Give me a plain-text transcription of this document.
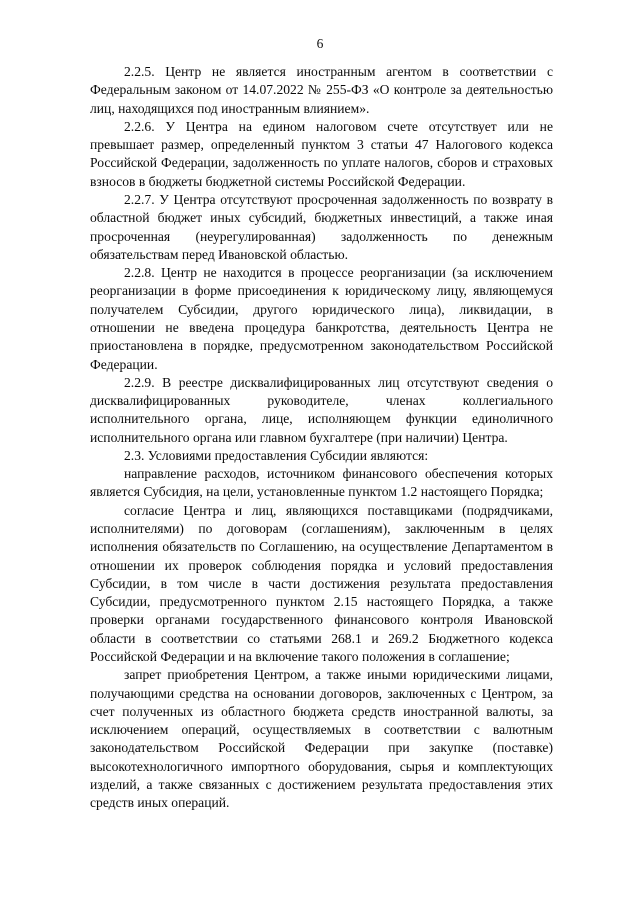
6

2.2.5. Центр не является иностранным агентом в соответствии с Федеральным законом от 14.07.2022 № 255-ФЗ «О контроле за деятельностью лиц, находящихся под иностранным влиянием».

2.2.6. У Центра на едином налоговом счете отсутствует или не превышает размер, определенный пунктом 3 статьи 47 Налогового кодекса Российской Федерации, задолженность по уплате налогов, сборов и страховых взносов в бюджеты бюджетной системы Российской Федерации.

2.2.7. У Центра отсутствуют просроченная задолженность по возврату в областной бюджет иных субсидий, бюджетных инвестиций, а также иная просроченная (неурегулированная) задолженность по денежным обязательствам перед Ивановской областью.

2.2.8. Центр не находится в процессе реорганизации (за исключением реорганизации в форме присоединения к юридическому лицу, являющемуся получателем Субсидии, другого юридического лица), ликвидации, в отношении не введена процедура банкротства, деятельность Центра не приостановлена в порядке, предусмотренном законодательством Российской Федерации.

2.2.9. В реестре дисквалифицированных лиц отсутствуют сведения о дисквалифицированных руководителе, членах коллегиального исполнительного органа, лице, исполняющем функции единоличного исполнительного органа или главном бухгалтере (при наличии) Центра.

2.3. Условиями предоставления Субсидии являются:

направление расходов, источником финансового обеспечения которых является Субсидия, на цели, установленные пунктом 1.2 настоящего Порядка;

согласие Центра и лиц, являющихся поставщиками (подрядчиками, исполнителями) по договорам (соглашениям), заключенным в целях исполнения обязательств по Соглашению, на осуществление Департаментом в отношении их проверок соблюдения порядка и условий предоставления Субсидии, в том числе в части достижения результата предоставления Субсидии, предусмотренного пунктом 2.15 настоящего Порядка, а также проверки органами государственного финансового контроля Ивановской области в соответствии со статьями 268.1 и 269.2 Бюджетного кодекса Российской Федерации и на включение такого положения в соглашение;

запрет приобретения Центром, а также иными юридическими лицами, получающими средства на основании договоров, заключенных с Центром, за счет полученных из областного бюджета средств иностранной валюты, за исключением операций, осуществляемых в соответствии с валютным законодательством Российской Федерации при закупке (поставке) высокотехнологичного импортного оборудования, сырья и комплектующих изделий, а также связанных с достижением результата предоставления этих средств иных операций.
